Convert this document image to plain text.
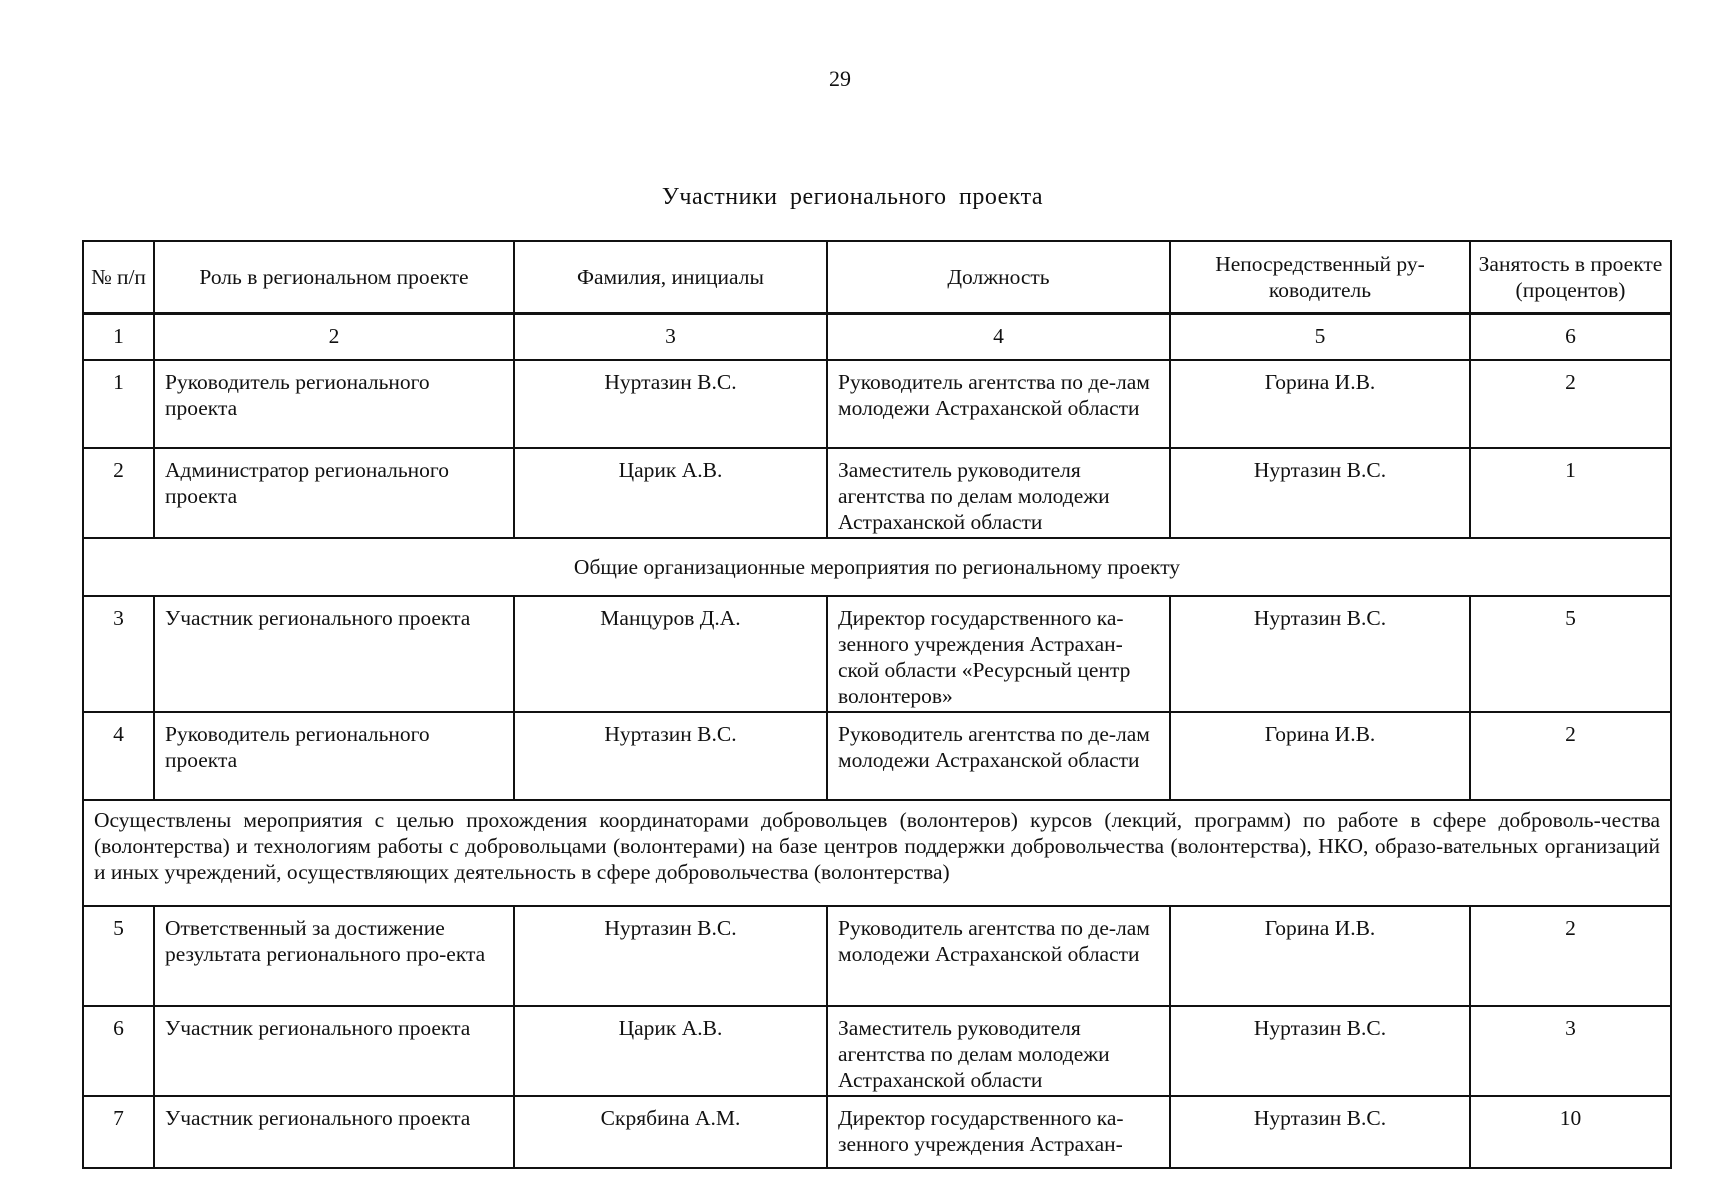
29
Участники регионального проекта
№ п/п	Роль в региональном проекте	Фамилия, инициалы	Должность	Непосредственный ру-ководитель	Занятость в проекте (процентов)
1	2	3	4	5	6
1	Руководитель регионального проекта	Нуртазин В.С.	Руководитель агентства по де-лам молодежи Астраханской области	Горина И.В.	2
2	Администратор регионального проекта	Царик А.В.	Заместитель руководителя агентства по делам молодежи Астраханской области	Нуртазин В.С.	1
Общие организационные мероприятия по региональному проекту					
3	Участник регионального проекта	Манцуров Д.А.	Директор государственного ка-зенного учреждения Астрахан-ской области «Ресурсный центр волонтеров»	Нуртазин В.С.	5
4	Руководитель регионального проекта	Нуртазин В.С.	Руководитель агентства по де-лам молодежи Астраханской области	Горина И.В.	2
Осуществлены мероприятия с целью прохождения координаторами добровольцев (волонтеров) курсов (лекций, программ) по работе в сфере доброволь-чества (волонтерства) и технологиям работы с добровольцами (волонтерами) на базе центров поддержки добровольчества (волонтерства), НКО, образо-вательных организаций и иных учреждений, осуществляющих деятельность в сфере добровольчества (волонтерства)					
5	Ответственный за достижение результата регионального про-екта	Нуртазин В.С.	Руководитель агентства по де-лам молодежи Астраханской области	Горина И.В.	2
6	Участник регионального проекта	Царик А.В.	Заместитель руководителя агентства по делам молодежи Астраханской области	Нуртазин В.С.	3
7	Участник регионального проекта	Скрябина А.М.	Директор государственного ка-зенного учреждения Астрахан-	Нуртазин В.С.	10
